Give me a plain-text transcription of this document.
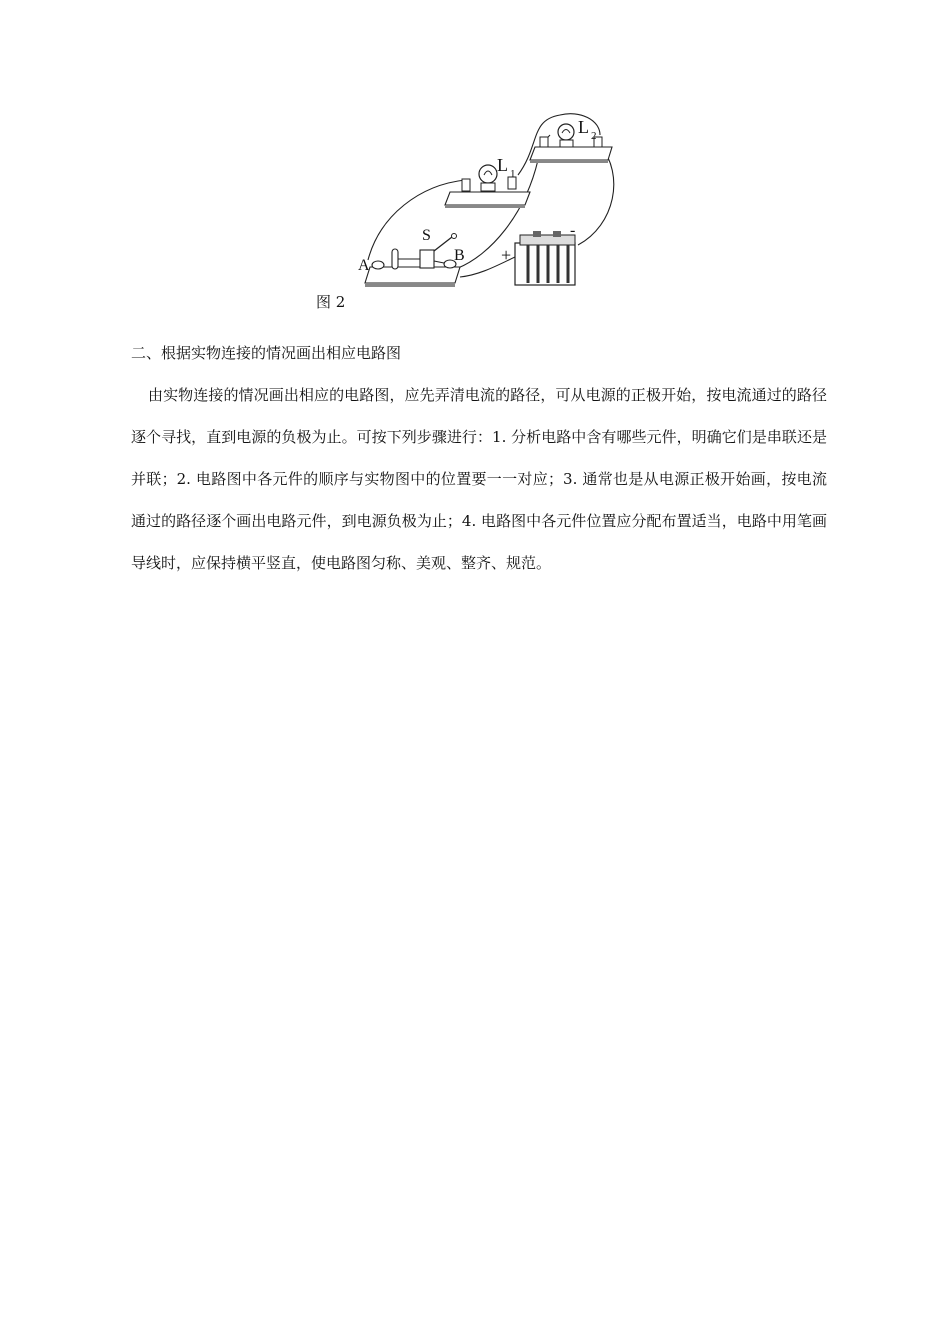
A
B
S
L 1
L 2
+
-
图 2
二、根据实物连接的情况画出相应电路图
由实物连接的情况画出相应的电路图，应先弄清电流的路径，可从电源的正极开始，按电流通过的路径逐个寻找，直到电源的负极为止。可按下列步骤进行：1. 分析电路中含有哪些元件，明确它们是串联还是并联；2. 电路图中各元件的顺序与实物图中的位置要一一对应；3. 通常也是从电源正极开始画，按电流通过的路径逐个画出电路元件，到电源负极为止；4. 电路图中各元件位置应分配布置适当，电路中用笔画导线时，应保持横平竖直，使电路图匀称、美观、整齐、规范。
